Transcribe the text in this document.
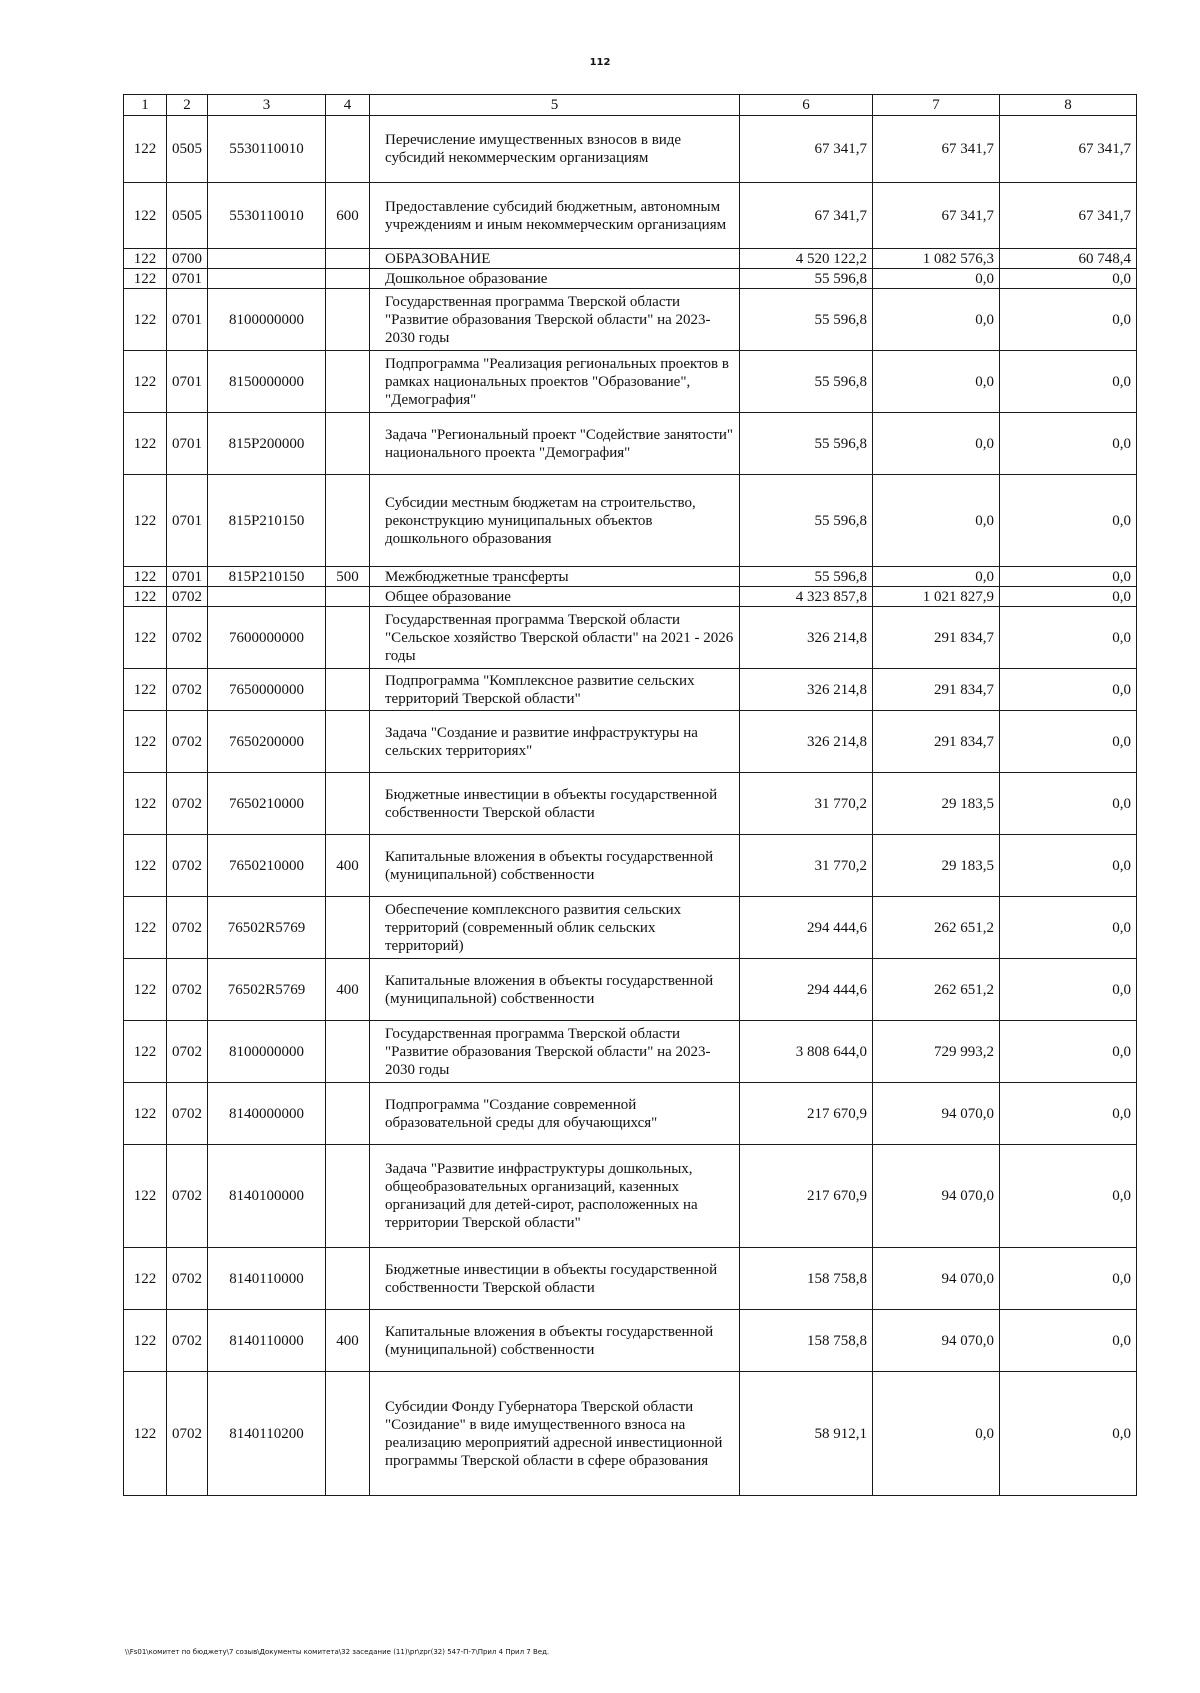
112
1	2	3	4	5	6	7	8
122	0505	5530110010		Перечисление имущественных взносов в виде субсидий некоммерческим организациям	67 341,7	67 341,7	67 341,7
122	0505	5530110010	600	Предоставление субсидий бюджетным, автономным учреждениям и иным некоммерческим организациям	67 341,7	67 341,7	67 341,7
122	0700			ОБРАЗОВАНИЕ	4 520 122,2	1 082 576,3	60 748,4
122	0701			Дошкольное образование	55 596,8	0,0	0,0
122	0701	8100000000		Государственная программа Тверской области "Развитие образования Тверской области" на 2023-2030 годы	55 596,8	0,0	0,0
122	0701	8150000000		Подпрограмма "Реализация региональных проектов в рамках национальных проектов "Образование", "Демография"	55 596,8	0,0	0,0
122	0701	815P200000		Задача "Региональный проект "Содействие занятости" национального проекта "Демография"	55 596,8	0,0	0,0
122	0701	815P210150		Субсидии местным бюджетам на строительство, реконструкцию муниципальных объектов дошкольного образования	55 596,8	0,0	0,0
122	0701	815P210150	500	Межбюджетные трансферты	55 596,8	0,0	0,0
122	0702			Общее образование	4 323 857,8	1 021 827,9	0,0
122	0702	7600000000		Государственная программа Тверской области "Сельское хозяйство Тверской области" на 2021 - 2026 годы	326 214,8	291 834,7	0,0
122	0702	7650000000		Подпрограмма "Комплексное развитие сельских территорий Тверской области"	326 214,8	291 834,7	0,0
122	0702	7650200000		Задача "Создание и развитие инфраструктуры на сельских территориях"	326 214,8	291 834,7	0,0
122	0702	7650210000		Бюджетные инвестиции в объекты государственной собственности Тверской области	31 770,2	29 183,5	0,0
122	0702	7650210000	400	Капитальные вложения в объекты государственной (муниципальной) собственности	31 770,2	29 183,5	0,0
122	0702	76502R5769		Обеспечение комплексного развития сельских территорий (современный облик сельских территорий)	294 444,6	262 651,2	0,0
122	0702	76502R5769	400	Капитальные вложения в объекты государственной (муниципальной) собственности	294 444,6	262 651,2	0,0
122	0702	8100000000		Государственная программа Тверской области "Развитие образования Тверской области" на 2023-2030 годы	3 808 644,0	729 993,2	0,0
122	0702	8140000000		Подпрограмма "Создание современной образовательной среды для обучающихся"	217 670,9	94 070,0	0,0
122	0702	8140100000		Задача "Развитие инфраструктуры дошкольных, общеобразовательных организаций, казенных организаций для детей-сирот, расположенных на территории Тверской области"	217 670,9	94 070,0	0,0
122	0702	8140110000		Бюджетные инвестиции в объекты государственной собственности Тверской области	158 758,8	94 070,0	0,0
122	0702	8140110000	400	Капитальные вложения в объекты государственной (муниципальной) собственности	158 758,8	94 070,0	0,0
122	0702	8140110200		Субсидии Фонду Губернатора Тверской области "Созидание" в виде имущественного взноса на реализацию мероприятий адресной инвестиционной программы Тверской области в сфере образования	58 912,1	0,0	0,0
\\Fs01\комитет по бюджету\7 созыв\Документы комитета\32 заседание (11)\pr\zpr(32) 547-П-7\Прил 4 Прил 7 Вед.
